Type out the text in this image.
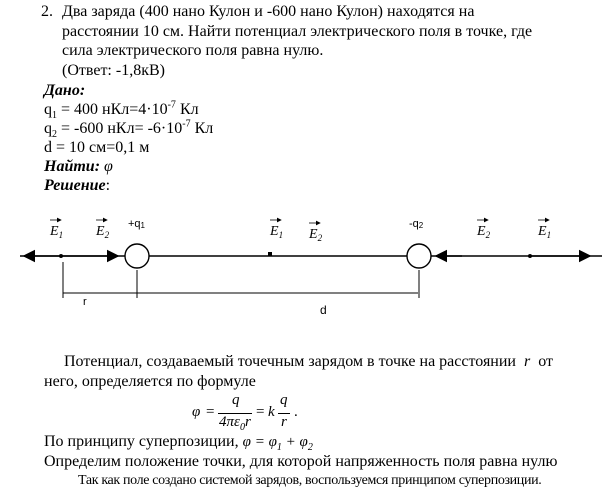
2. Два заряда (400 нано Кулон и -600 нано Кулон) находятся на
расстоянии 10 см. Найти потенциал электрического поля в точке, где
сила электрического поля равна нулю.
(Ответ: -1,8кВ)
Дано:
$q_1 = 400$ $нКл=4\cdot 10^{-7}$ Кл
$q_2 = -600$ $нКл= -6\cdot 10^{-7}$ Кл
d = 10 см=0,1 м
Найти: φ
Решение:
$E_1$ $E_2$	$E_1$ $E_2$	$E_2$	$E_1$
+q1	-q2
r
d
Потенциал, создаваемый точечным зарядом в точке на расстоянии r от
него, определяется по формуле
φ =
q
$4\pi\varepsilon_0r$
= k
q
r
.
По принципу суперпозиции, $\varphi = \varphi_1 + \varphi_2$
Определим положение точки, для которой напряженность поля равна нулю
Так как поле создано системой зарядов, воспользуемся принципом суперпозиции.
